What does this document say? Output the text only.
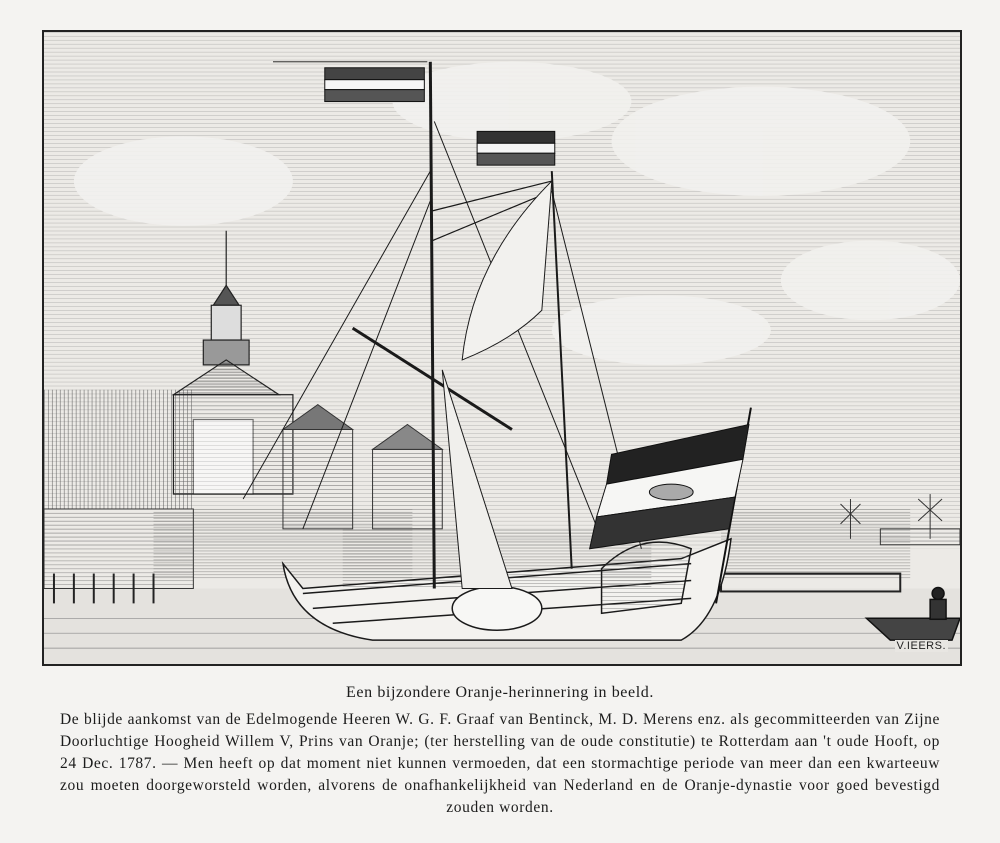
V.IEERS.

Een bijzondere Oranje-herinnering in beeld.

De blijde aankomst van de Edelmogende Heeren W. G. F. Graaf van Bentinck, M. D. Merens enz. als gecommitteerden van Zijne Doorluchtige Hoogheid Willem V, Prins van Oranje; (ter herstelling van de oude constitutie) te Rotterdam aan 't oude Hooft, op 24 Dec. 1787. — Men heeft op dat moment niet kunnen vermoeden, dat een stormachtige periode van meer dan een kwarteeuw zou moeten doorgeworsteld worden, alvorens de onafhankelijkheid van Nederland en de Oranje-dynastie voor goed bevestigd zouden worden.
